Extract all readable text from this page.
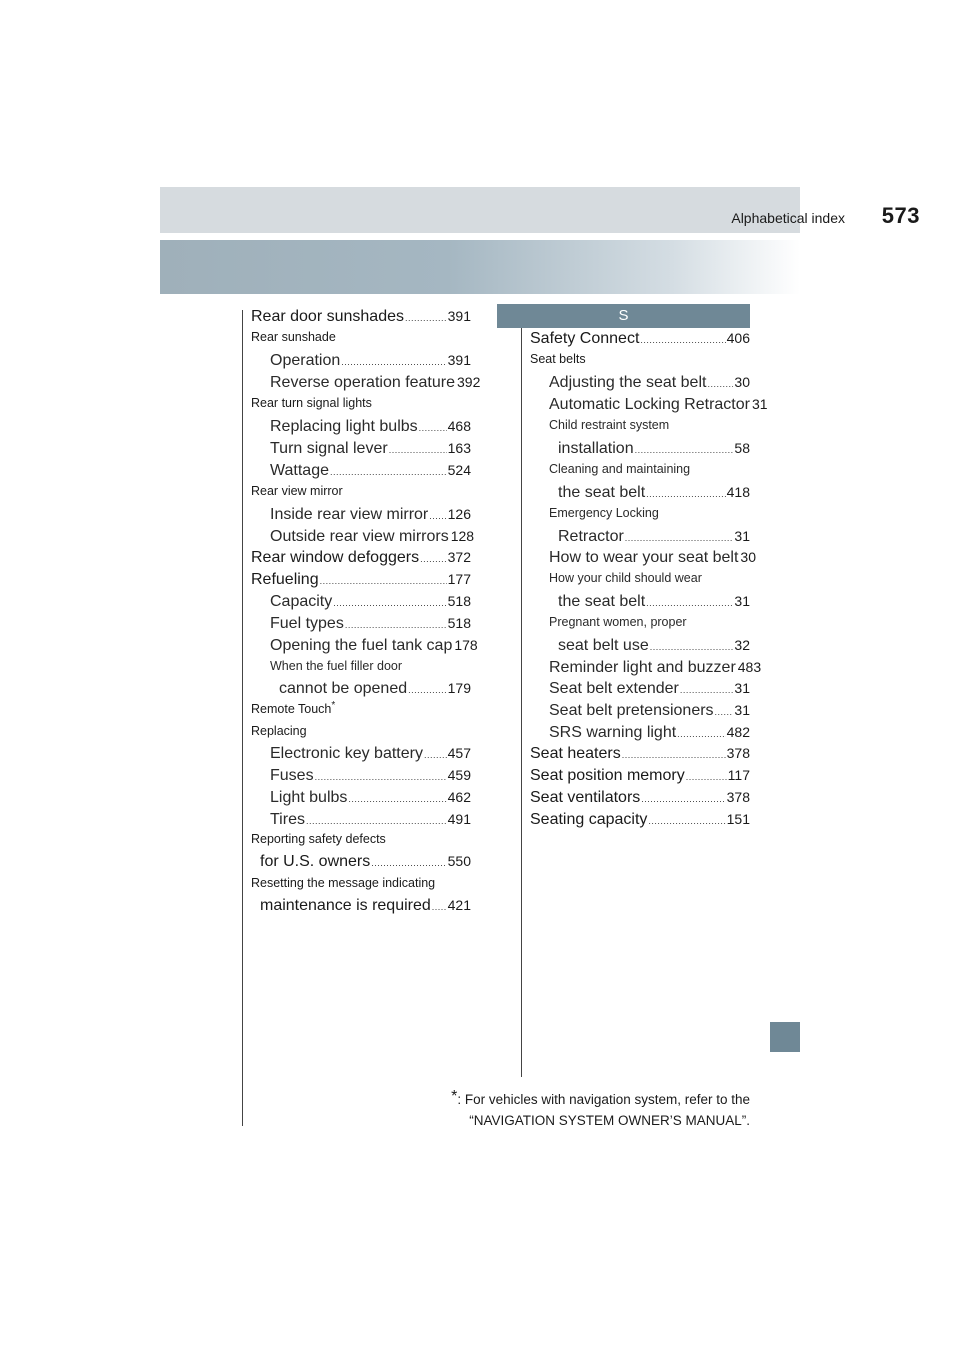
Alphabetical index 573
S
Rear door sunshades .....	391
Rear sunshade
Operation .....	391
Reverse operation feature 392
Rear turn signal lights
Replacing light bulbs ..... 468
Turn signal lever .....	163
Wattage .....	524
Rear view mirror
Inside rear view mirror ..... 126
Outside rear view mirrors 128
Rear window defoggers ..... 372
Refueling .....	177
Capacity .....	518
Fuel types .....	518
Opening the fuel tank cap 178
When the fuel filler door
cannot be opened .....	179
Remote Touch*
Replacing
Electronic key battery ..... 457
Fuses .....	459
Light bulbs .....	462
Tires .....	491
Reporting safety defects
for U.S. owners .....	550
Resetting the message indicating
maintenance is required ..... 421
Safety Connect .....	406
Seat belts
Adjusting the seat belt ..... 30
Automatic Locking Retractor 31
Child restraint system
installation .....	58
Cleaning and maintaining
the seat belt .....	418
Emergency Locking
Retractor .....	31
How to wear your seat belt 30
How your child should wear
the seat belt .....	31
Pregnant women, proper
seat belt use .....	32
Reminder light and buzzer 483
Seat belt extender .....	31
Seat belt pretensioners ..... 31
SRS warning light .....	482
Seat heaters .....	378
Seat position memory .....	117
Seat ventilators .....	378
Seating capacity .....	151
*: For vehicles with navigation system, refer to the
“NAVIGATION SYSTEM OWNER’S MANUAL”.
